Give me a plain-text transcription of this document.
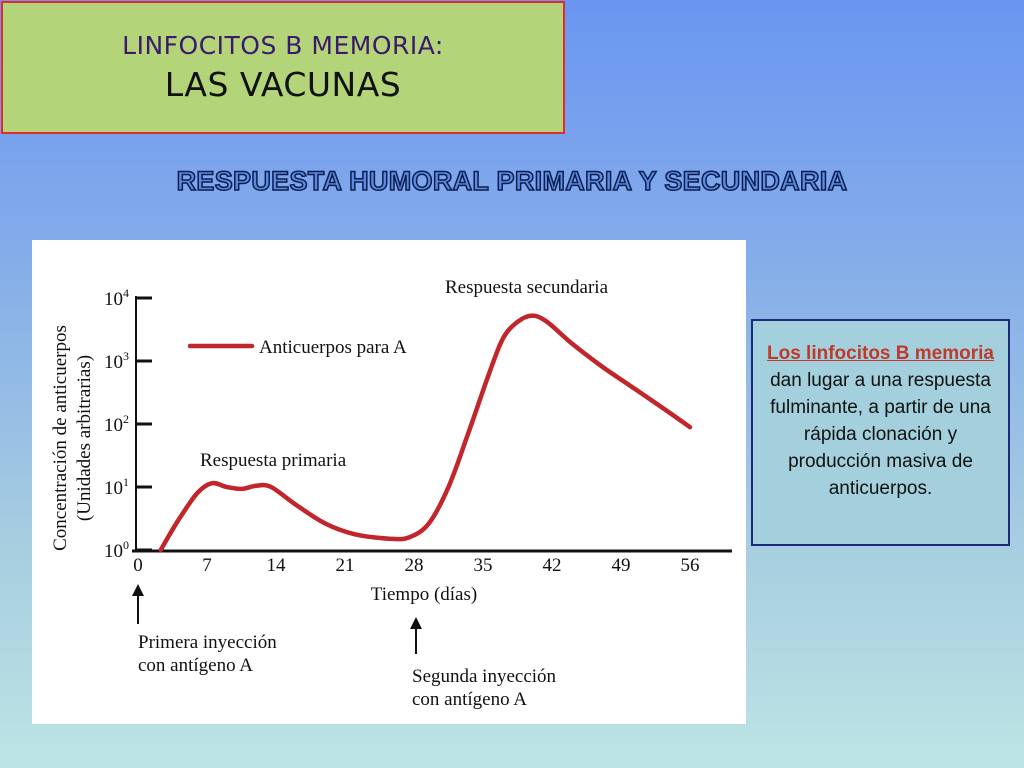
LINFOCITOS B MEMORIA:
LAS VACUNAS
RESPUESTA HUMORAL PRIMARIA Y SECUNDARIA
Concentración de anticuerpos (Unidades arbitrarias)
$10^0$
$10^1$
$10^2$
$10^3$
$10^4$
0	7	14	21	28	35	42	49	56
Anticuerpos para A
Tiempo (días)
Respuesta primaria
Respuesta secundaria
Primera inyección
con antígeno A
Segunda inyección
con antígeno A
Los linfocitos B memoria dan lugar a una respuesta fulminante, a partir de una rápida clonación y producción masiva de anticuerpos.
